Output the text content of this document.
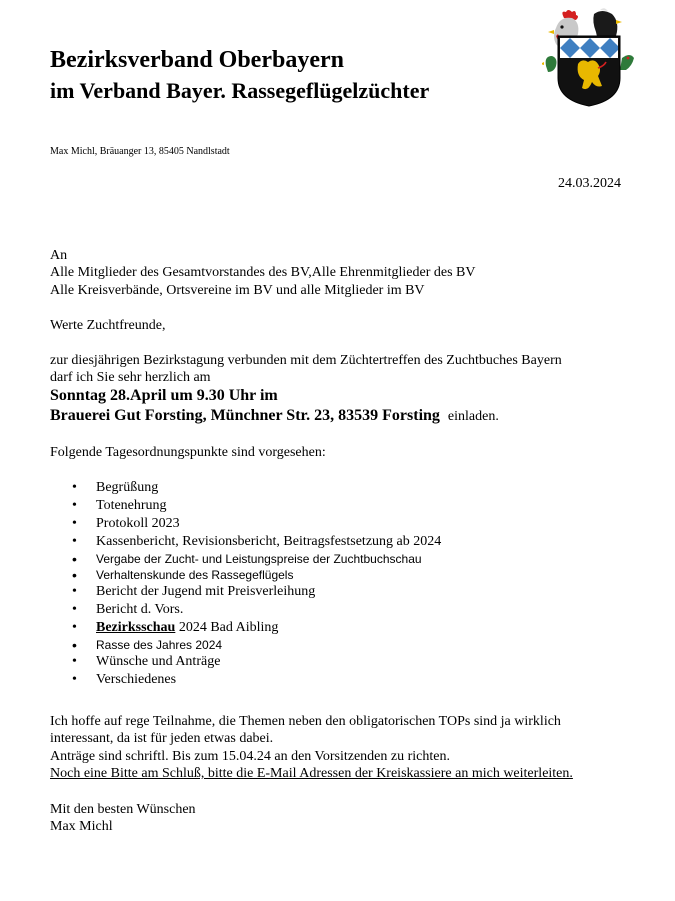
Bezirksverband Oberbayern
im Verband Bayer. Rassegeflügelzüchter
Max Michl, Bräuanger 13, 85405 Nandlstadt
24.03.2024
An
Alle Mitglieder des Gesamtvorstandes des BV,Alle Ehrenmitglieder des BV
Alle Kreisverbände, Ortsvereine im BV und alle Mitglieder im BV
Werte Zuchtfreunde,
zur diesjährigen Bezirkstagung verbunden mit dem Züchtertreffen des Zuchtbuches Bayern
darf ich Sie sehr herzlich am
Sonntag 28.April um 9.30 Uhr im
Brauerei Gut Forsting, Münchner Str. 23, 83539 Forsting einladen.
Folgende Tagesordnungspunkte sind vorgesehen:
• Begrüßung
• Totenehrung
• Protokoll 2023
• Kassenbericht, Revisionsbericht, Beitragsfestsetzung ab 2024
• Vergabe der Zucht- und Leistungspreise der Zuchtbuchschau
• Verhaltenskunde des Rassegeflügels
• Bericht der Jugend mit Preisverleihung
• Bericht d. Vors.
• Bezirksschau 2024 Bad Aibling
• Rasse des Jahres 2024
• Wünsche und Anträge
• Verschiedenes
Ich hoffe auf rege Teilnahme, die Themen neben den obligatorischen TOPs sind ja wirklich
interessant, da ist für jeden etwas dabei.
Anträge sind schriftl. Bis zum 15.04.24 an den Vorsitzenden zu richten.
Noch eine Bitte am Schluß, bitte die E-Mail Adressen der Kreiskassiere an mich weiterleiten.
Mit den besten Wünschen
Max Michl
